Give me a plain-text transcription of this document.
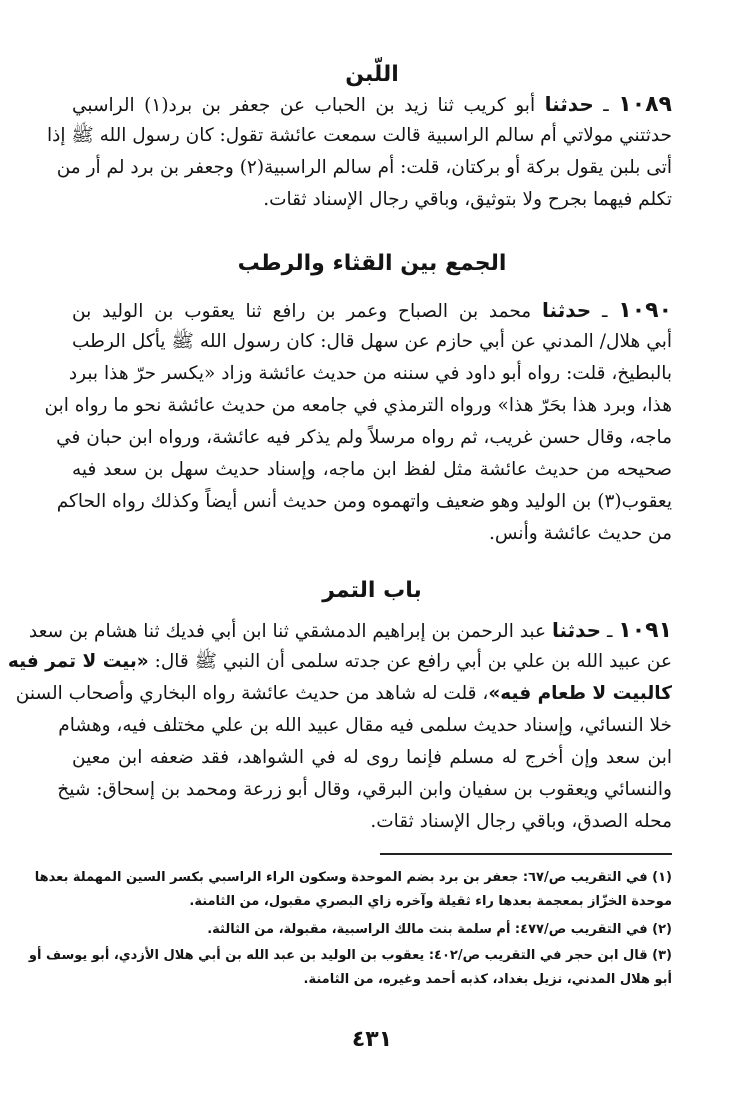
اللّبن
١٠٨٩ ـ حدثنا أبو كريب ثنا زيد بن الحباب عن جعفر بن برد(١) الراسبي
حدثتني مولاتي أم سالم الراسبية قالت سمعت عائشة تقول: كان رسول الله ﷺ إذا
أتى بلبن يقول بركة أو بركتان، قلت: أم سالم الراسبية(٢) وجعفر بن برد لم أر من
تكلم فيهما بجرح ولا بتوثيق، وباقي رجال الإسناد ثقات.
الجمع بين القثاء والرطب
١٠٩٠ ـ حدثنا محمد بن الصباح وعمر بن رافع ثنا يعقوب بن الوليد بن
أبي هلال/ المدني عن أبي حازم عن سهل قال: كان رسول الله ﷺ يأكل الرطب
بالبطيخ، قلت: رواه أبو داود في سننه من حديث عائشة وزاد «يكسر حرّ هذا ببرد
هذا، وبرد هذا بحَرّ هذا» ورواه الترمذي في جامعه من حديث عائشة نحو ما رواه ابن
ماجه، وقال حسن غريب، ثم رواه مرسلاً ولم يذكر فيه عائشة، ورواه ابن حبان في
صحيحه من حديث عائشة مثل لفظ ابن ماجه، وإسناد حديث سهل بن سعد فيه
يعقوب(٣) بن الوليد وهو ضعيف واتهموه ومن حديث أنس أيضاً وكذلك رواه الحاكم
من حديث عائشة وأنس.
باب التمر
١٠٩١ ـ حدثنا عبد الرحمن بن إبراهيم الدمشقي ثنا ابن أبي فديك ثنا هشام بن سعد
عن عبيد الله بن علي بن أبي رافع عن جدته سلمى أن النبي ﷺ قال: «بيت لا تمر فيه
كالبيت لا طعام فيه»، قلت له شاهد من حديث عائشة رواه البخاري وأصحاب السنن
خلا النسائي، وإسناد حديث سلمى فيه مقال عبيد الله بن علي مختلف فيه، وهشام
ابن سعد وإن أخرج له مسلم فإنما روى له في الشواهد، فقد ضعفه ابن معين
والنسائي ويعقوب بن سفيان وابن البرقي، وقال أبو زرعة ومحمد بن إسحاق: شيخ
محله الصدق، وباقي رجال الإسناد ثقات.
(١) في التقريب ص/٦٧: جعفر بن برد بضم الموحدة وسكون الراء الراسبي بكسر السين المهملة بعدها
موحدة الخزّاز بمعجمة بعدها راء ثقيلة وآخره زاي البصري مقبول، من الثامنة.
(٢) في التقريب ص/٤٧٧: أم سلمة بنت مالك الراسبية، مقبولة، من الثالثة.
(٣) قال ابن حجر في التقريب ص/٤٠٢: يعقوب بن الوليد بن عبد الله بن أبي هلال الأزدي، أبو يوسف أو
أبو هلال المدني، نزيل بغداد، كذبه أحمد وغيره، من الثامنة.
٤٣١
